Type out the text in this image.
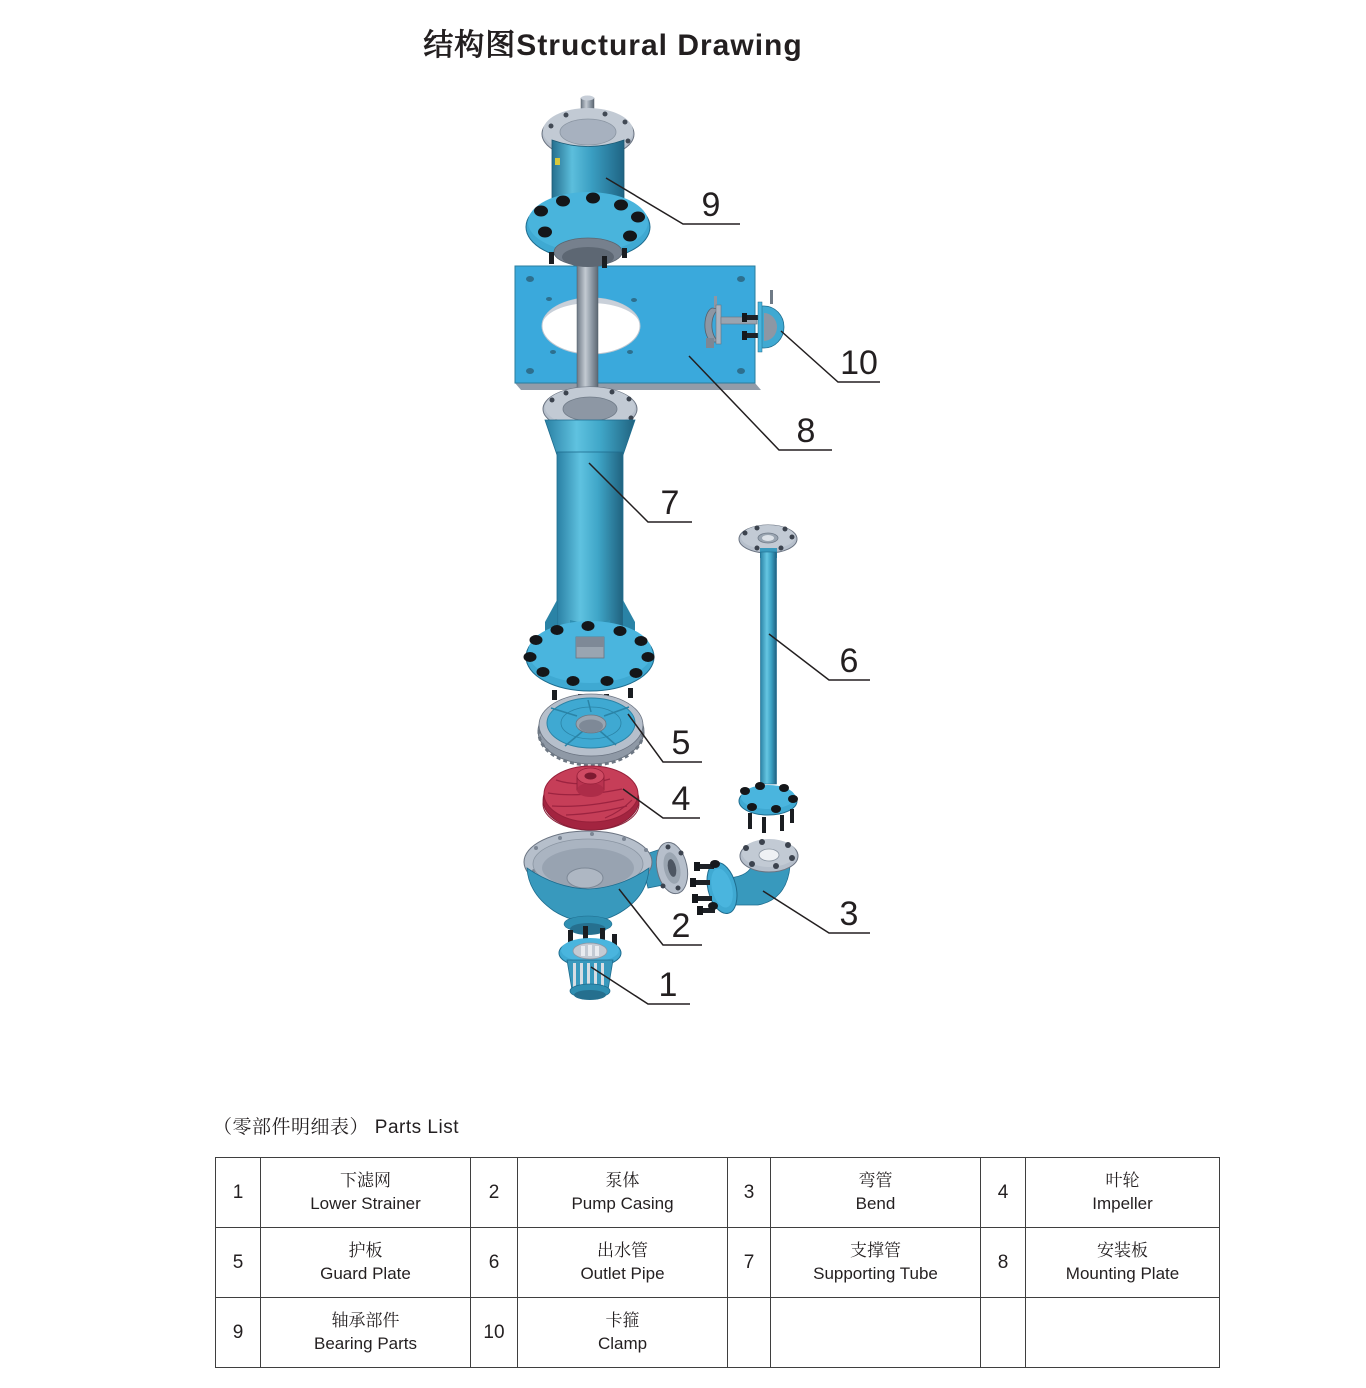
结构图Structural Drawing
9
10
8
7
6
5
4
2	3
1
（零部件明细表） Parts List
1	
下滤网
Lower Strainer
	2	
泵体
Pump Casing
	3	
弯管
Bend
	4	
叶轮
Impeller

5	
护板
Guard Plate
	6	
出水管
Outlet Pipe
	7	
支撑管
Supporting Tube
	8	
安装板
Mounting Plate

9	
轴承部件
Bearing Parts
	10	
卡箍
Clamp
